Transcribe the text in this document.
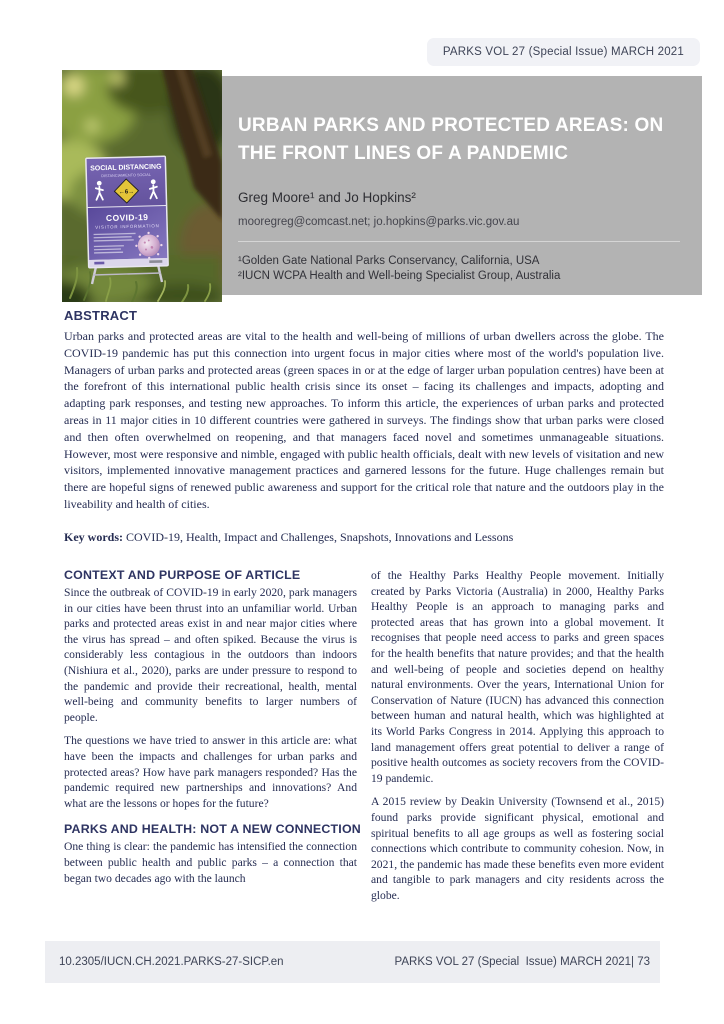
PARKS VOL 27 (Special Issue) MARCH 2021
SOCIAL DISTANCING
DISTANCIAMIENTO SOCIAL
←6→
COVID-19
VISITOR INFORMATION
URBAN PARKS AND PROTECTED AREAS: ON
THE FRONT LINES OF A PANDEMIC
Greg Moore¹ and Jo Hopkins²
mooregreg@comcast.net; jo.hopkins@parks.vic.gov.au
¹Golden Gate National Parks Conservancy, California, USA
²IUCN WCPA Health and Well-being Specialist Group, Australia
ABSTRACT

Urban parks and protected areas are vital to the health and well-being of millions of urban dwellers across the globe. The COVID-19 pandemic has put this connection into urgent focus in major cities where most of the world's population live. Managers of urban parks and protected areas (green spaces in or at the edge of larger urban population centres) have been at the forefront of this international public health crisis since its onset – facing its challenges and impacts, adopting and adapting park responses, and testing new approaches. To inform this article, the experiences of urban parks and protected areas in 11 major cities in 10 different countries were gathered in surveys. The findings show that urban parks were closed and then often overwhelmed on reopening, and that managers faced novel and sometimes unmanageable situations. However, most were responsive and nimble, engaged with public health officials, dealt with new levels of visitation and new visitors, implemented innovative management practices and garnered lessons for the future. Huge challenges remain but there are hopeful signs of renewed public awareness and support for the critical role that nature and the outdoors play in the liveability and health of cities.

Key words: COVID-19, Health, Impact and Challenges, Snapshots, Innovations and Lessons

CONTEXT AND PURPOSE OF ARTICLE

Since the outbreak of COVID-19 in early 2020, park managers in our cities have been thrust into an unfamiliar world. Urban parks and protected areas exist in and near major cities where the virus has spread – and often spiked. Because the virus is considerably less contagious in the outdoors than indoors (Nishiura et al., 2020), parks are under pressure to respond to the pandemic and provide their recreational, health, mental well-being and community benefits to larger numbers of people.

The questions we have tried to answer in this article are: what have been the impacts and challenges for urban parks and protected areas? How have park managers responded? Has the pandemic required new partnerships and innovations? And what are the lessons or hopes for the future?

PARKS AND HEALTH: NOT A NEW CONNECTION

One thing is clear: the pandemic has intensified the connection between public health and public parks – a connection that began two decades ago with the launch

of the Healthy Parks Healthy People movement. Initially created by Parks Victoria (Australia) in 2000, Healthy Parks Healthy People is an approach to managing parks and protected areas that has grown into a global movement. It recognises that people need access to parks and green spaces for the health benefits that nature provides; and that the health and well-being of people and societies depend on healthy natural environments. Over the years, International Union for Conservation of Nature (IUCN) has advanced this connection between human and natural health, which was highlighted at its World Parks Congress in 2014. Applying this approach to land management offers great potential to deliver a range of positive health outcomes as society recovers from the COVID-19 pandemic.

A 2015 review by Deakin University (Townsend et al., 2015) found parks provide significant physical, emotional and spiritual benefits to all age groups as well as fostering social connections which contribute to community cohesion. Now, in 2021, the pandemic has made these benefits even more evident and tangible to park managers and city residents across the globe.

10.2305/IUCN.CH.2021.PARKS-27-SICP.en	PARKS VOL 27 (Special  Issue) MARCH 2021| 73
